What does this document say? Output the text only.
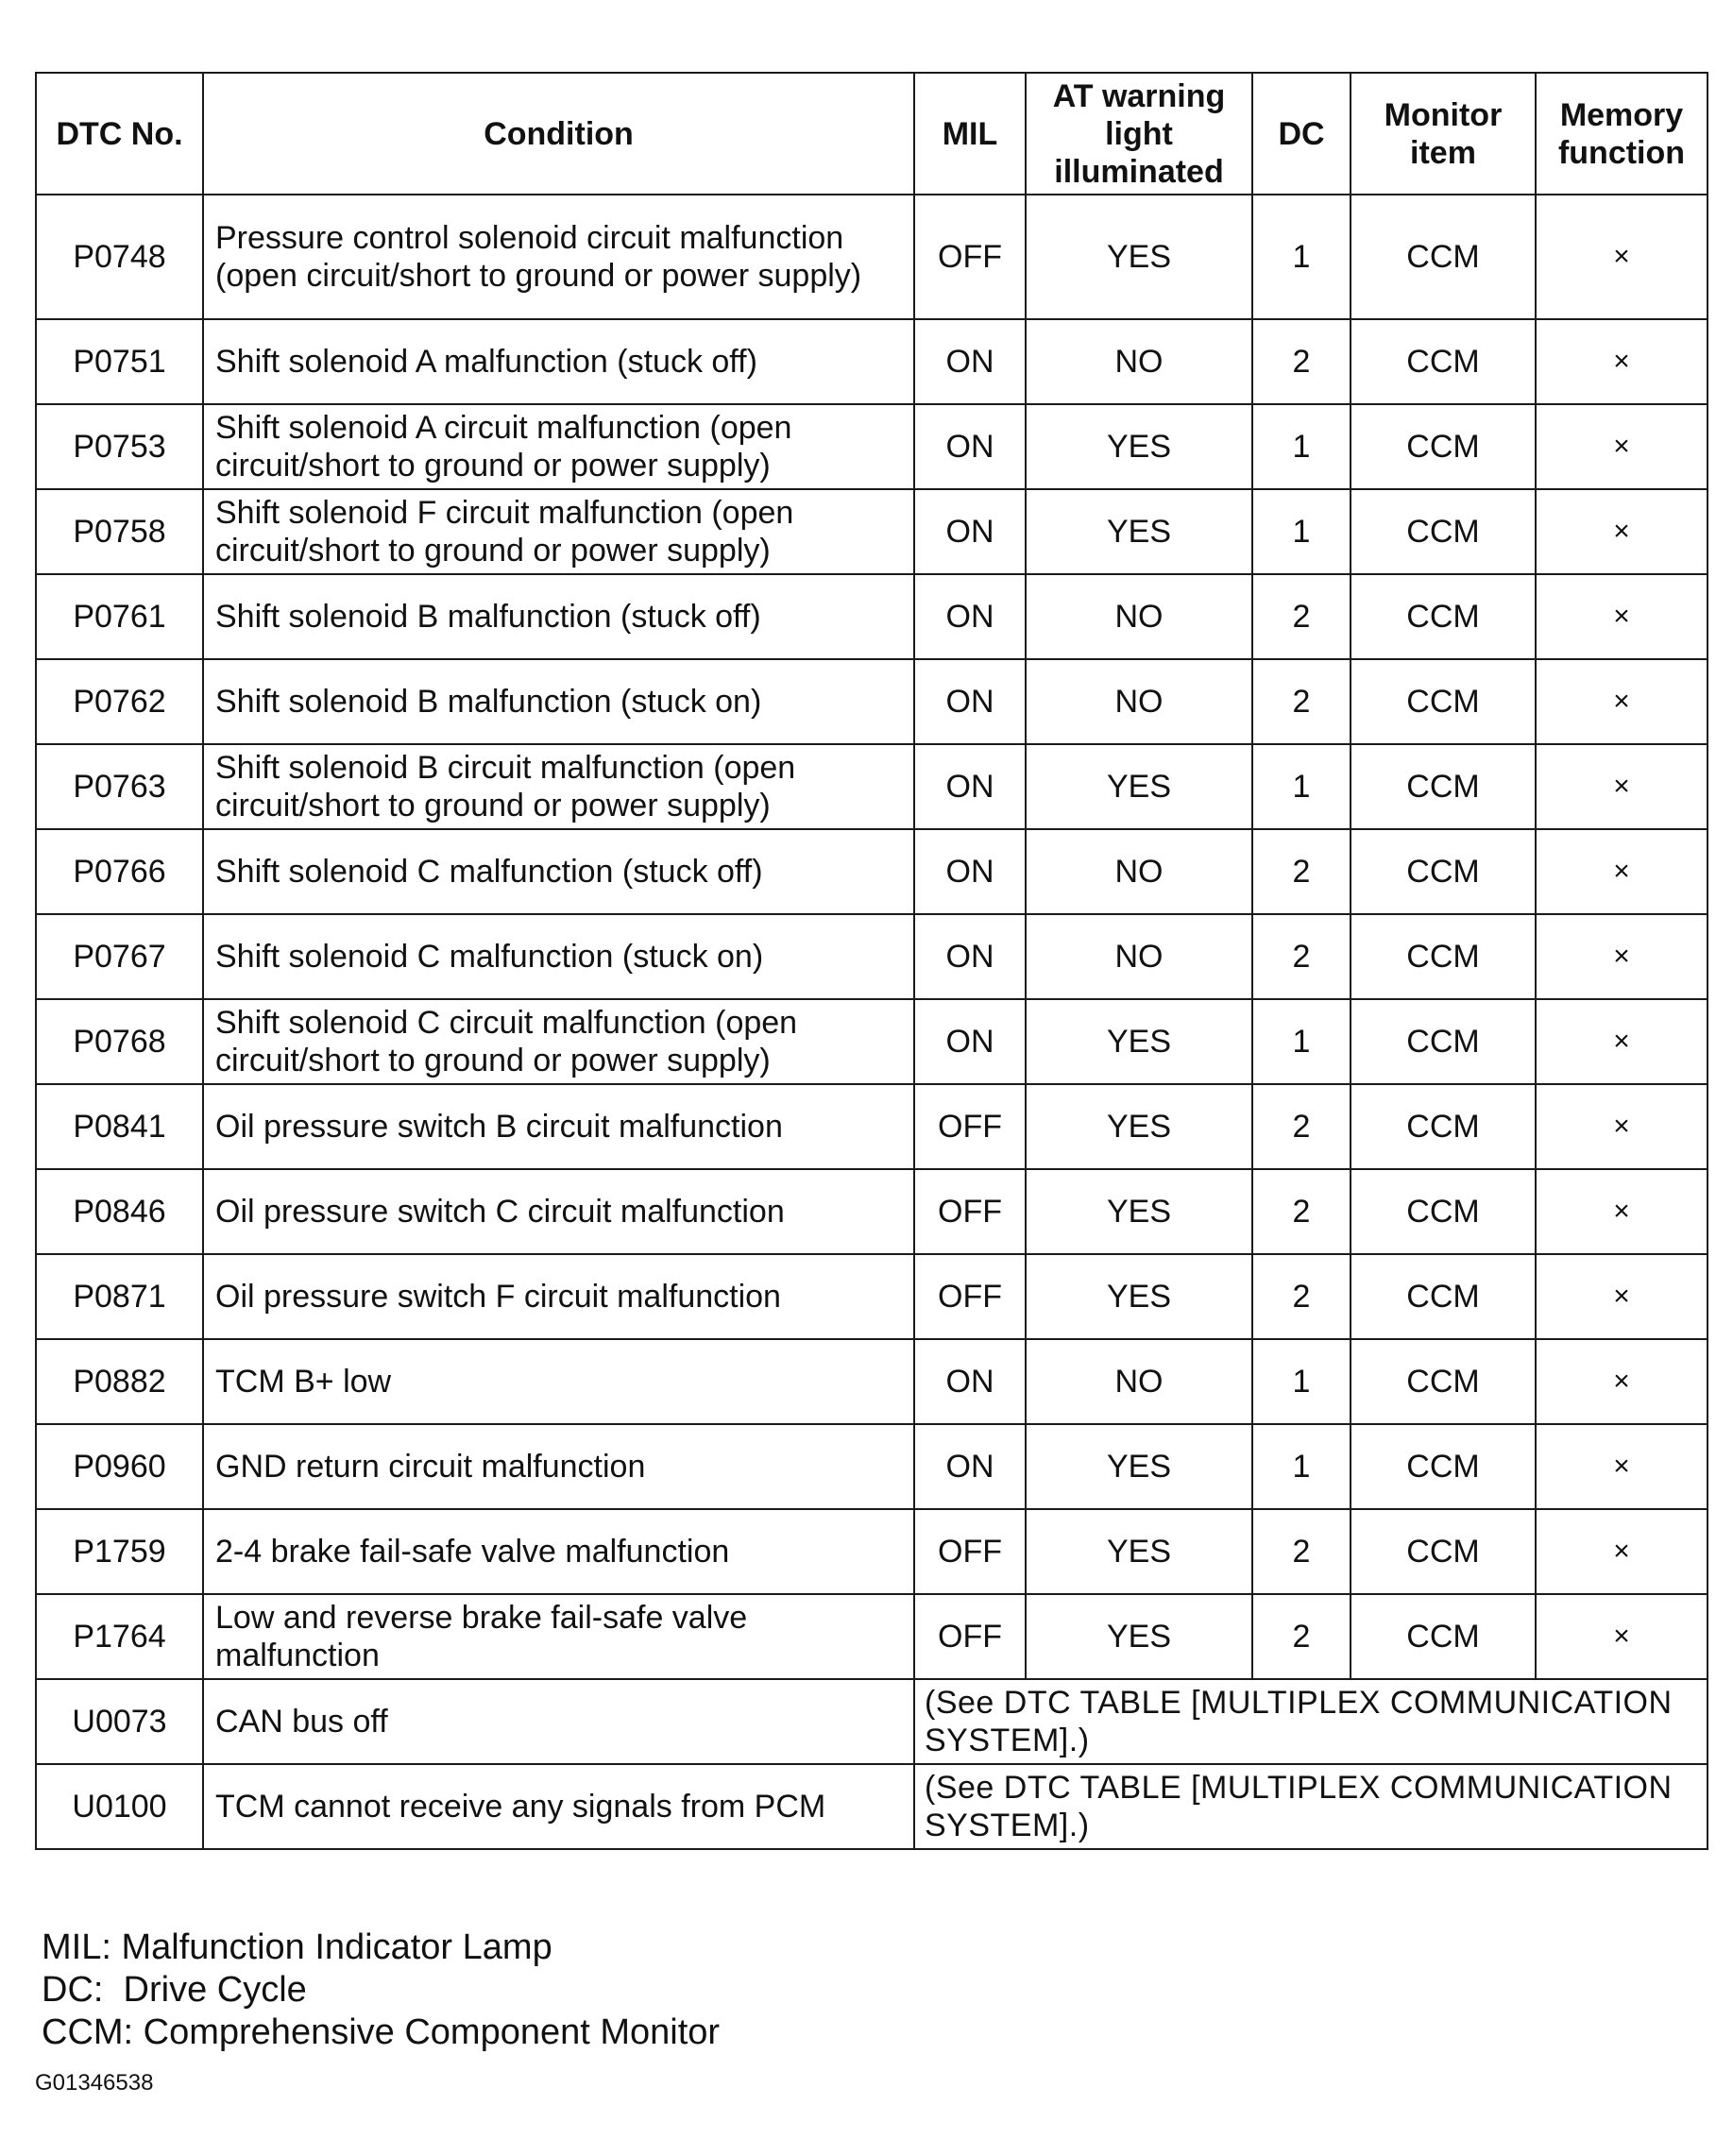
DTC No.	Condition	MIL	AT warning light illuminated	DC	Monitor item	Memory function
P0748	Pressure control solenoid circuit malfunction (open circuit/short to ground or power supply)	OFF	YES	1	CCM	×
P0751	Shift solenoid A malfunction (stuck off)	ON	NO	2	CCM	×
P0753	Shift solenoid A circuit malfunction (open circuit/short to ground or power supply)	ON	YES	1	CCM	×
P0758	Shift solenoid F circuit malfunction (open circuit/short to ground or power supply)	ON	YES	1	CCM	×
P0761	Shift solenoid B malfunction (stuck off)	ON	NO	2	CCM	×
P0762	Shift solenoid B malfunction (stuck on)	ON	NO	2	CCM	×
P0763	Shift solenoid B circuit malfunction (open circuit/short to ground or power supply)	ON	YES	1	CCM	×
P0766	Shift solenoid C malfunction (stuck off)	ON	NO	2	CCM	×
P0767	Shift solenoid C malfunction (stuck on)	ON	NO	2	CCM	×
P0768	Shift solenoid C circuit malfunction (open circuit/short to ground or power supply)	ON	YES	1	CCM	×
P0841	Oil pressure switch B circuit malfunction	OFF	YES	2	CCM	×
P0846	Oil pressure switch C circuit malfunction	OFF	YES	2	CCM	×
P0871	Oil pressure switch F circuit malfunction	OFF	YES	2	CCM	×
P0882	TCM B+ low	ON	NO	1	CCM	×
P0960	GND return circuit malfunction	ON	YES	1	CCM	×
P1759	2-4 brake fail-safe valve malfunction	OFF	YES	2	CCM	×
P1764	Low and reverse brake fail-safe valve malfunction	OFF	YES	2	CCM	×
U0073	CAN bus off	(See DTC TABLE [MULTIPLEX COMMUNICATION SYSTEM].)				
U0100	TCM cannot receive any signals from PCM	(See DTC TABLE [MULTIPLEX COMMUNICATION SYSTEM].)				
MIL: Malfunction Indicator Lamp
DC:  Drive Cycle
CCM: Comprehensive Component Monitor
G01346538
